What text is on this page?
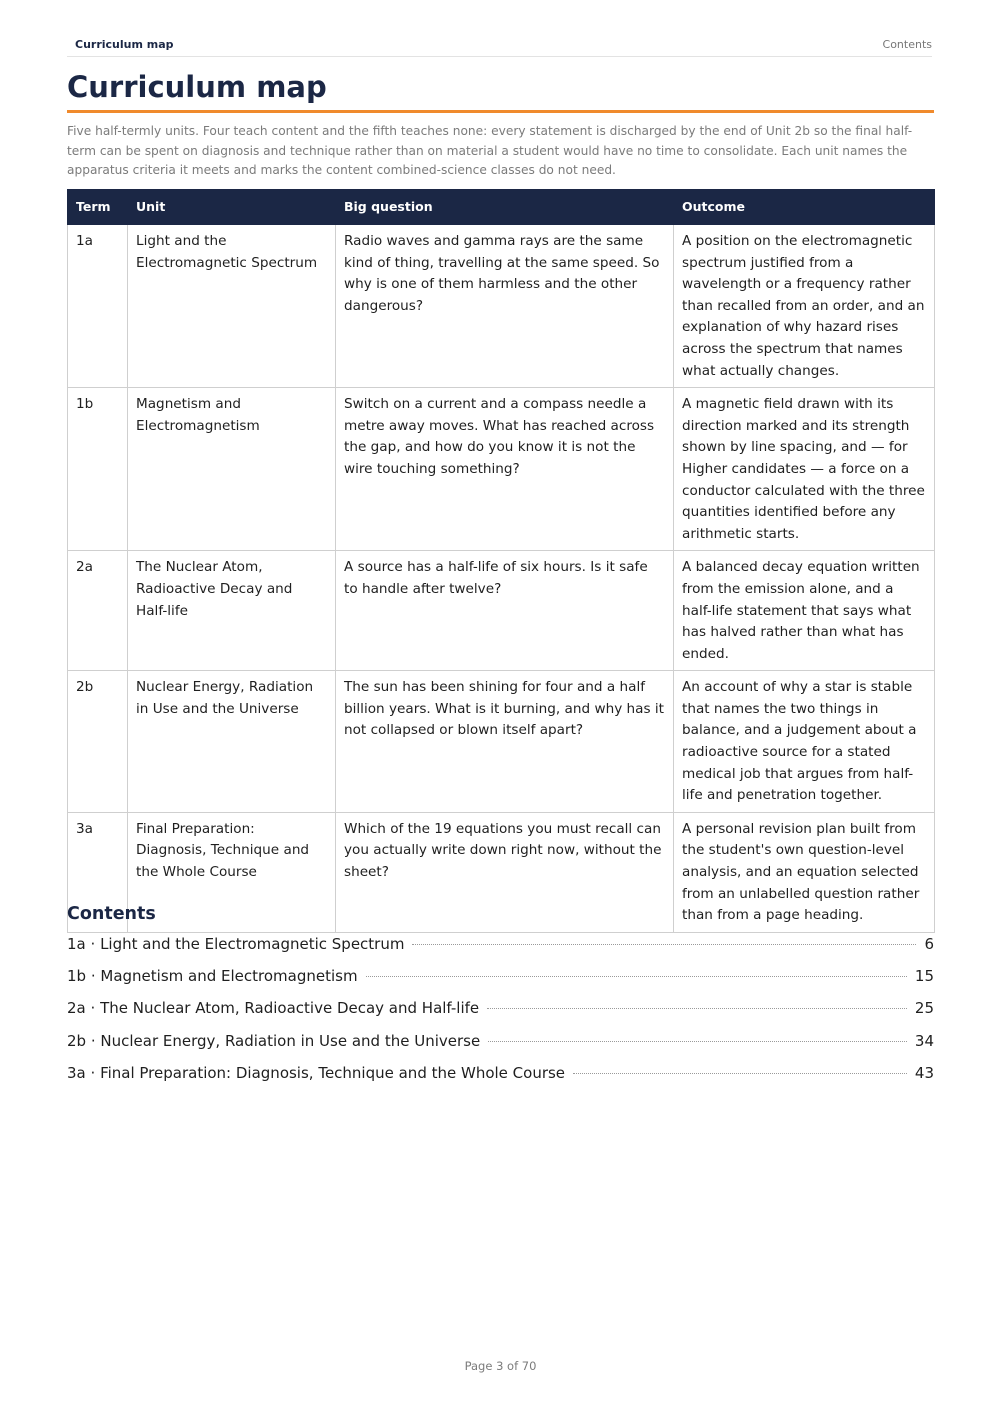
Curriculum map	Contents
Curriculum map

Five half-termly units. Four teach content and the fifth teaches none: every statement is discharged by the end of Unit 2b so the final half-term can be spent on diagnosis and technique rather than on material a student would have no time to consolidate. Each unit names the apparatus criteria it meets and marks the content combined-science classes do not need.

Term	Unit	Big question	Outcome
1a	Light and the Electromagnetic Spectrum	Radio waves and gamma rays are the same kind of thing, travelling at the same speed. So why is one of them harmless and the other dangerous?	A position on the electromagnetic spectrum justified from a wavelength or a frequency rather than recalled from an order, and an explanation of why hazard rises across the spectrum that names what actually changes.
1b	Magnetism and Electromagnetism	Switch on a current and a compass needle a metre away moves. What has reached across the gap, and how do you know it is not the wire touching something?	A magnetic field drawn with its direction marked and its strength shown by line spacing, and — for Higher candidates — a force on a conductor calculated with the three quantities identified before any arithmetic starts.
2a	The Nuclear Atom, Radioactive Decay and Half-life	A source has a half-life of six hours. Is it safe to handle after twelve?	A balanced decay equation written from the emission alone, and a half-life statement that says what has halved rather than what has ended.
2b	Nuclear Energy, Radiation in Use and the Universe	The sun has been shining for four and a half billion years. What is it burning, and why has it not collapsed or blown itself apart?	An account of why a star is stable that names the two things in balance, and a judgement about a radioactive source for a stated medical job that argues from half-life and penetration together.
3a	Final Preparation: Diagnosis, Technique and the Whole Course	Which of the 19 equations you must recall can you actually write down right now, without the sheet?	A personal revision plan built from the student's own question-level analysis, and an equation selected from an unlabelled question rather than from a page heading.
Contents
1a · Light and the Electromagnetic Spectrum	6
1b · Magnetism and Electromagnetism	15
2a · The Nuclear Atom, Radioactive Decay and Half-life	25
2b · Nuclear Energy, Radiation in Use and the Universe	34
3a · Final Preparation: Diagnosis, Technique and the Whole Course	43
Page 3 of 70
